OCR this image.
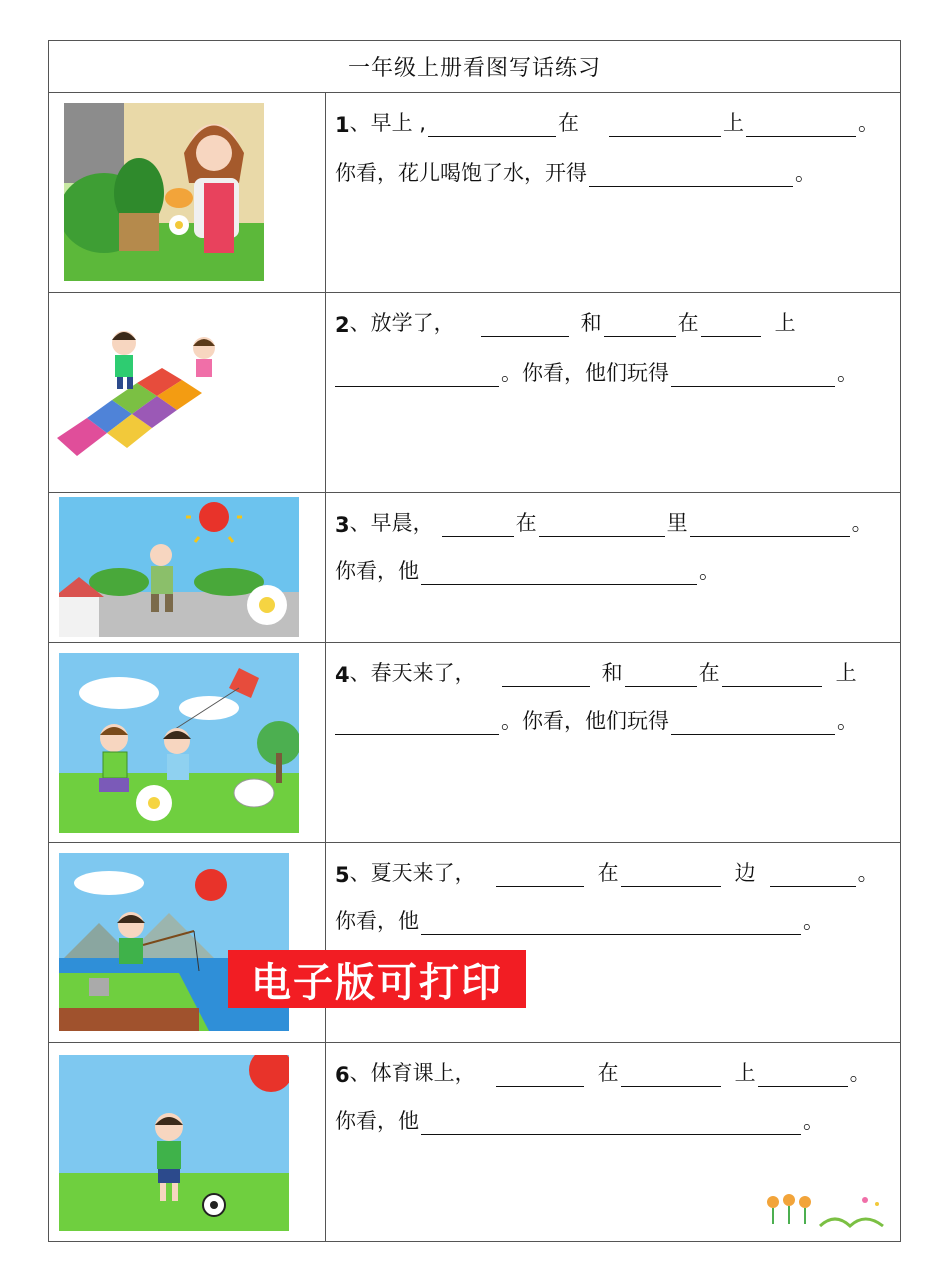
一年级上册看图写话练习
1 、早上 ,	在	上	。
你看，花儿喝饱了水，开得	。
2 、放学了，	和	在	上
。你看，他们玩得	。
3 、早晨，	在	里	。
你看，他	。
4 、春天来了，	和	在	上
。你看，他们玩得	。
5 、夏天来了，	在	边	。
你看，他	。
6 、体育课上，	在	上	。
你看，他	。
电子版可打印
